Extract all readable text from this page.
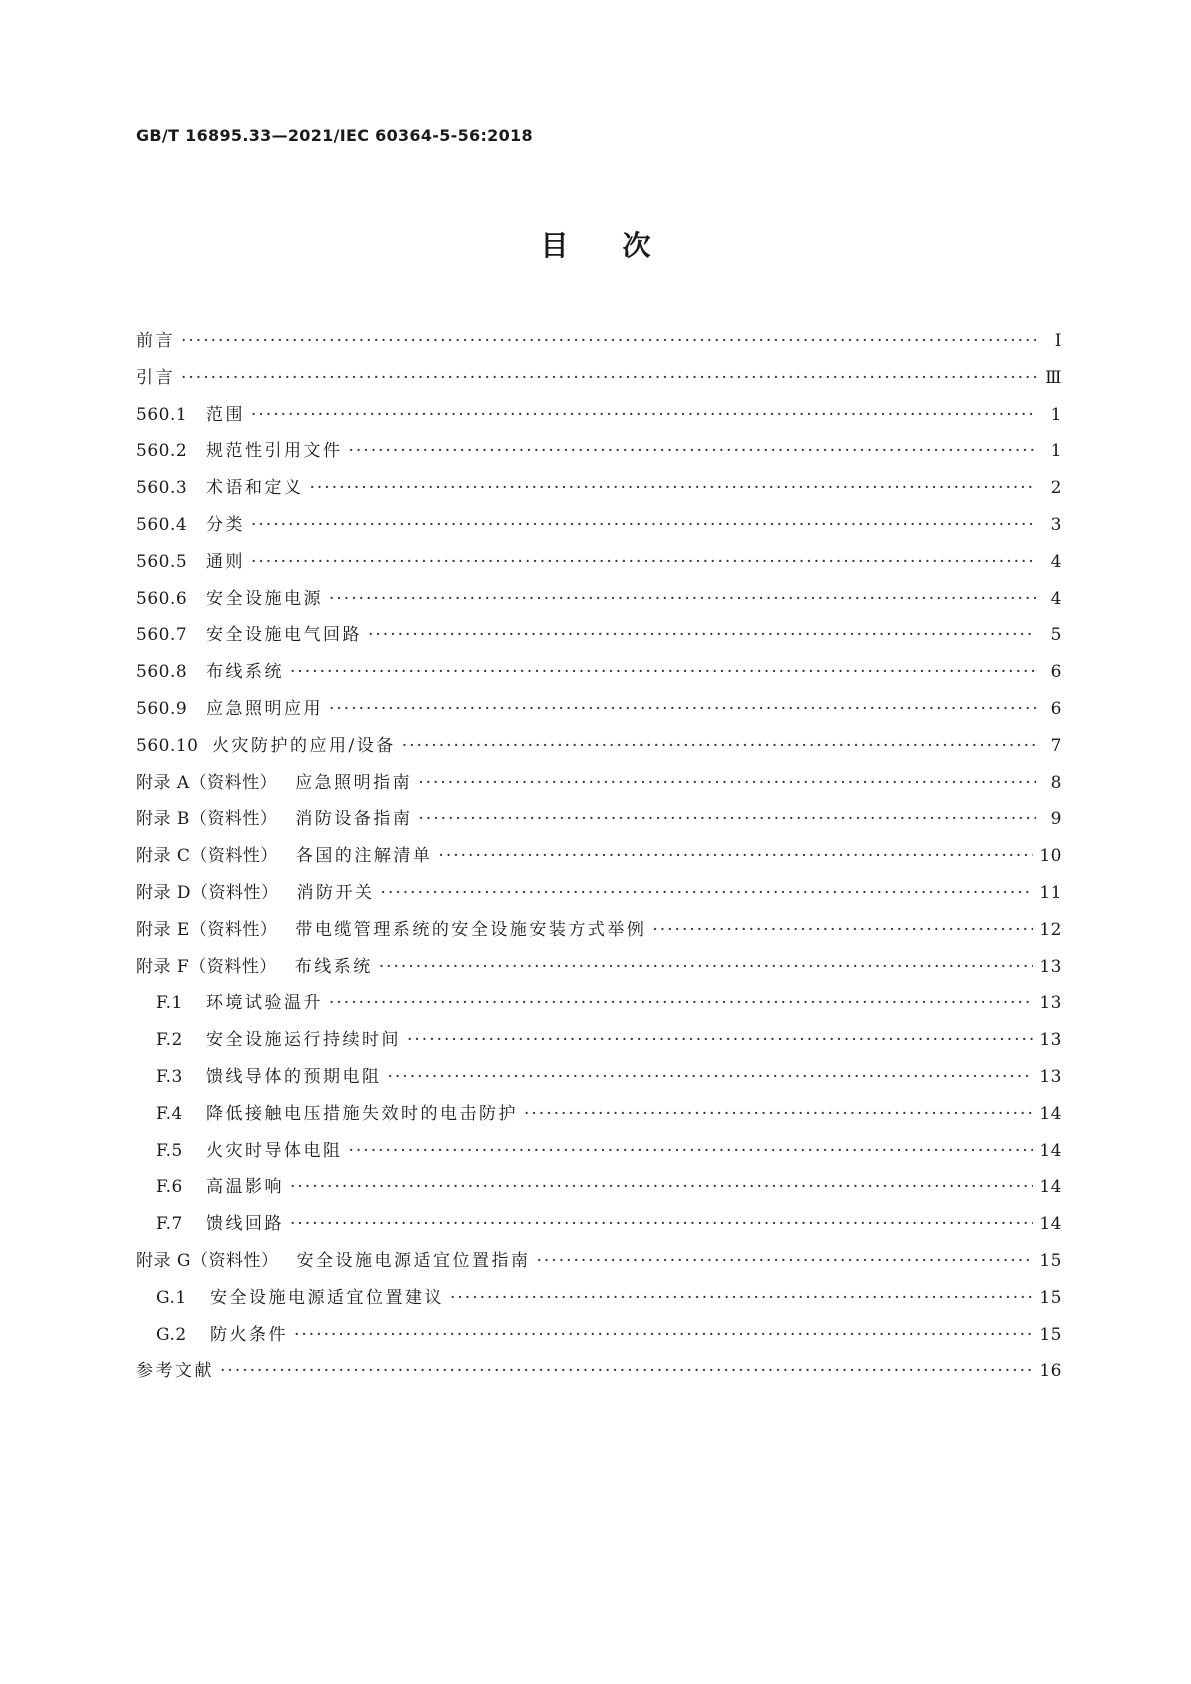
GB/T 16895.33—2021/IEC 60364-5-56:2018
目次
前言 ·····	Ⅰ
引言 ·····	Ⅲ
560.1	范围 ·····	1
560.2	规范性引用文件 ·····	1
560.3	术语和定义 ·····	2
560.4	分类 ·····	3
560.5	通则 ·····	4
560.6	安全设施电源 ·····	4
560.7	安全设施电气回路 ·····	5
560.8	布线系统 ·····	6
560.9	应急照明应用 ·····	6
560.10 火灾防护的应用/设备 ·····	7
附录 A（资料性） 应急照明指南 ·····	8
附录 B（资料性） 消防设备指南 ·····	9
附录 C（资料性） 各国的注解清单 ·····	10
附录 D（资料性） 消防开关 ·····	11
附录 E（资料性） 带电缆管理系统的安全设施安装方式举例 ·····	12
附录 F（资料性） 布线系统 ·····	13
F.1	环境试验温升 ·····	13
F.2	安全设施运行持续时间 ·····	13
F.3	馈线导体的预期电阻 ·····	13
F.4	降低接触电压措施失效时的电击防护 ·····	14
F.5	火灾时导体电阻 ·····	14
F.6	高温影响 ·····	14
F.7	馈线回路 ·····	14
附录 G（资料性） 安全设施电源适宜位置指南 ·····	15
G.1	安全设施电源适宜位置建议 ·····	15
G.2	防火条件 ·····	15
参考文献 ·····	16
